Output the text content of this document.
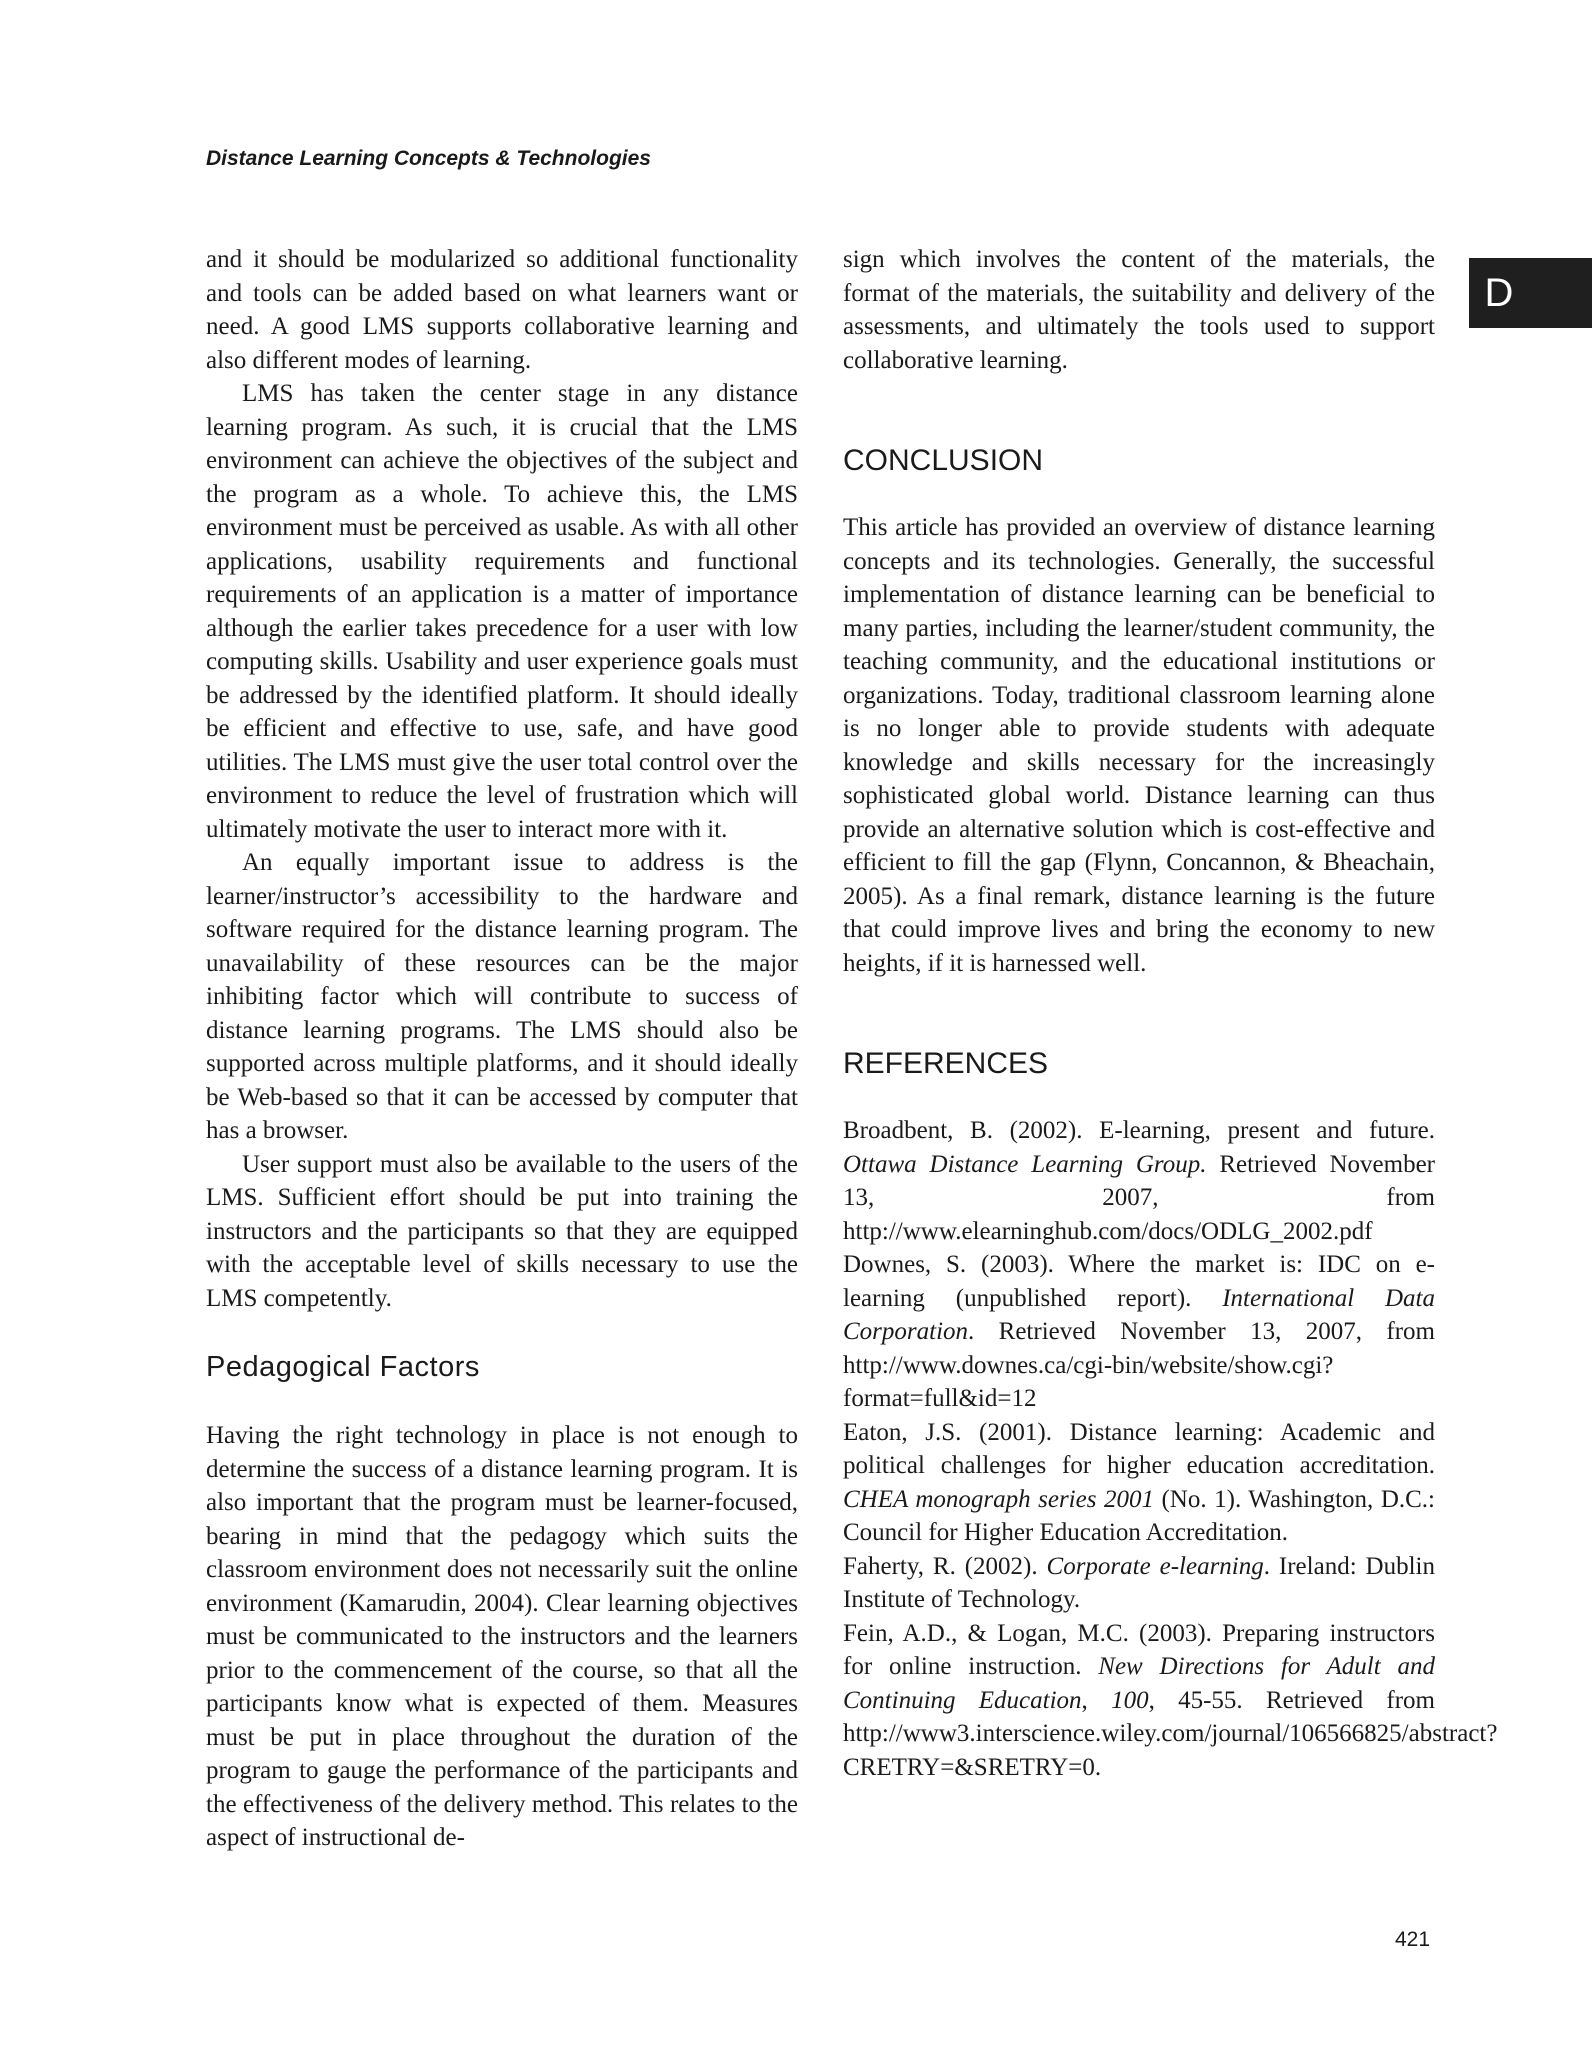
Distance Learning Concepts & Technologies
D

and it should be modularized so additional functionality and tools can be added based on what learners want or need. A good LMS supports collaborative learning and also different modes of learning.

LMS has taken the center stage in any distance learning program. As such, it is crucial that the LMS environment can achieve the objectives of the subject and the program as a whole. To achieve this, the LMS environment must be perceived as usable. As with all other applications, usability requirements and functional requirements of an application is a matter of importance although the earlier takes precedence for a user with low computing skills. Usability and user experience goals must be addressed by the identified platform. It should ideally be efficient and effective to use, safe, and have good utilities. The LMS must give the user total control over the environment to reduce the level of frustration which will ultimately motivate the user to interact more with it.

An equally important issue to address is the learner/instructor’s accessibility to the hardware and software required for the distance learning program. The unavailability of these resources can be the major inhibiting factor which will contribute to success of distance learning programs. The LMS should also be supported across multiple platforms, and it should ideally be Web-based so that it can be accessed by computer that has a browser.

User support must also be available to the users of the LMS. Sufficient effort should be put into training the instructors and the participants so that they are equipped with the acceptable level of skills necessary to use the LMS competently.

Pedagogical Factors

Having the right technology in place is not enough to determine the success of a distance learning program. It is also important that the program must be learner-focused, bearing in mind that the pedagogy which suits the classroom environment does not necessarily suit the online environment (Kamarudin, 2004). Clear learning objectives must be communicated to the instructors and the learners prior to the commencement of the course, so that all the participants know what is expected of them. Measures must be put in place throughout the duration of the program to gauge the performance of the participants and the effectiveness of the delivery method. This relates to the aspect of instructional de-

sign which involves the content of the materials, the format of the materials, the suitability and delivery of the assessments, and ultimately the tools used to support collaborative learning.

CONCLUSION

This article has provided an overview of distance learning concepts and its technologies. Generally, the successful implementation of distance learning can be beneficial to many parties, including the learner/student community, the teaching community, and the educational institutions or organizations. Today, traditional classroom learning alone is no longer able to provide students with adequate knowledge and skills necessary for the increasingly sophisticated global world. Distance learning can thus provide an alternative solution which is cost-effective and efficient to fill the gap (Flynn, Concannon, & Bheachain, 2005). As a final remark, distance learning is the future that could improve lives and bring the economy to new heights, if it is harnessed well.

REFERENCES

Broadbent, B. (2002). E-learning, present and future. Ottawa Distance Learning Group. Retrieved November 13, 2007, from http://www.elearninghub.com/docs/ODLG_2002.pdf

Downes, S. (2003). Where the market is: IDC on e-learning (unpublished report). International Data Corporation. Retrieved November 13, 2007, from http://www.downes.ca/cgi-bin/website/show.cgi?format=full&id=12

Eaton, J.S. (2001). Distance learning: Academic and political challenges for higher education accreditation. CHEA monograph series 2001 (No. 1). Washington, D.C.: Council for Higher Education Accreditation.

Faherty, R. (2002). Corporate e-learning. Ireland: Dublin Institute of Technology.

Fein, A.D., & Logan, M.C. (2003). Preparing instructors for online instruction. New Directions for Adult and Continuing Education, 100, 45-55. Retrieved from http://www3.interscience.wiley.com/journal/106566825/abstract?CRETRY=&SRETRY=0.

421
